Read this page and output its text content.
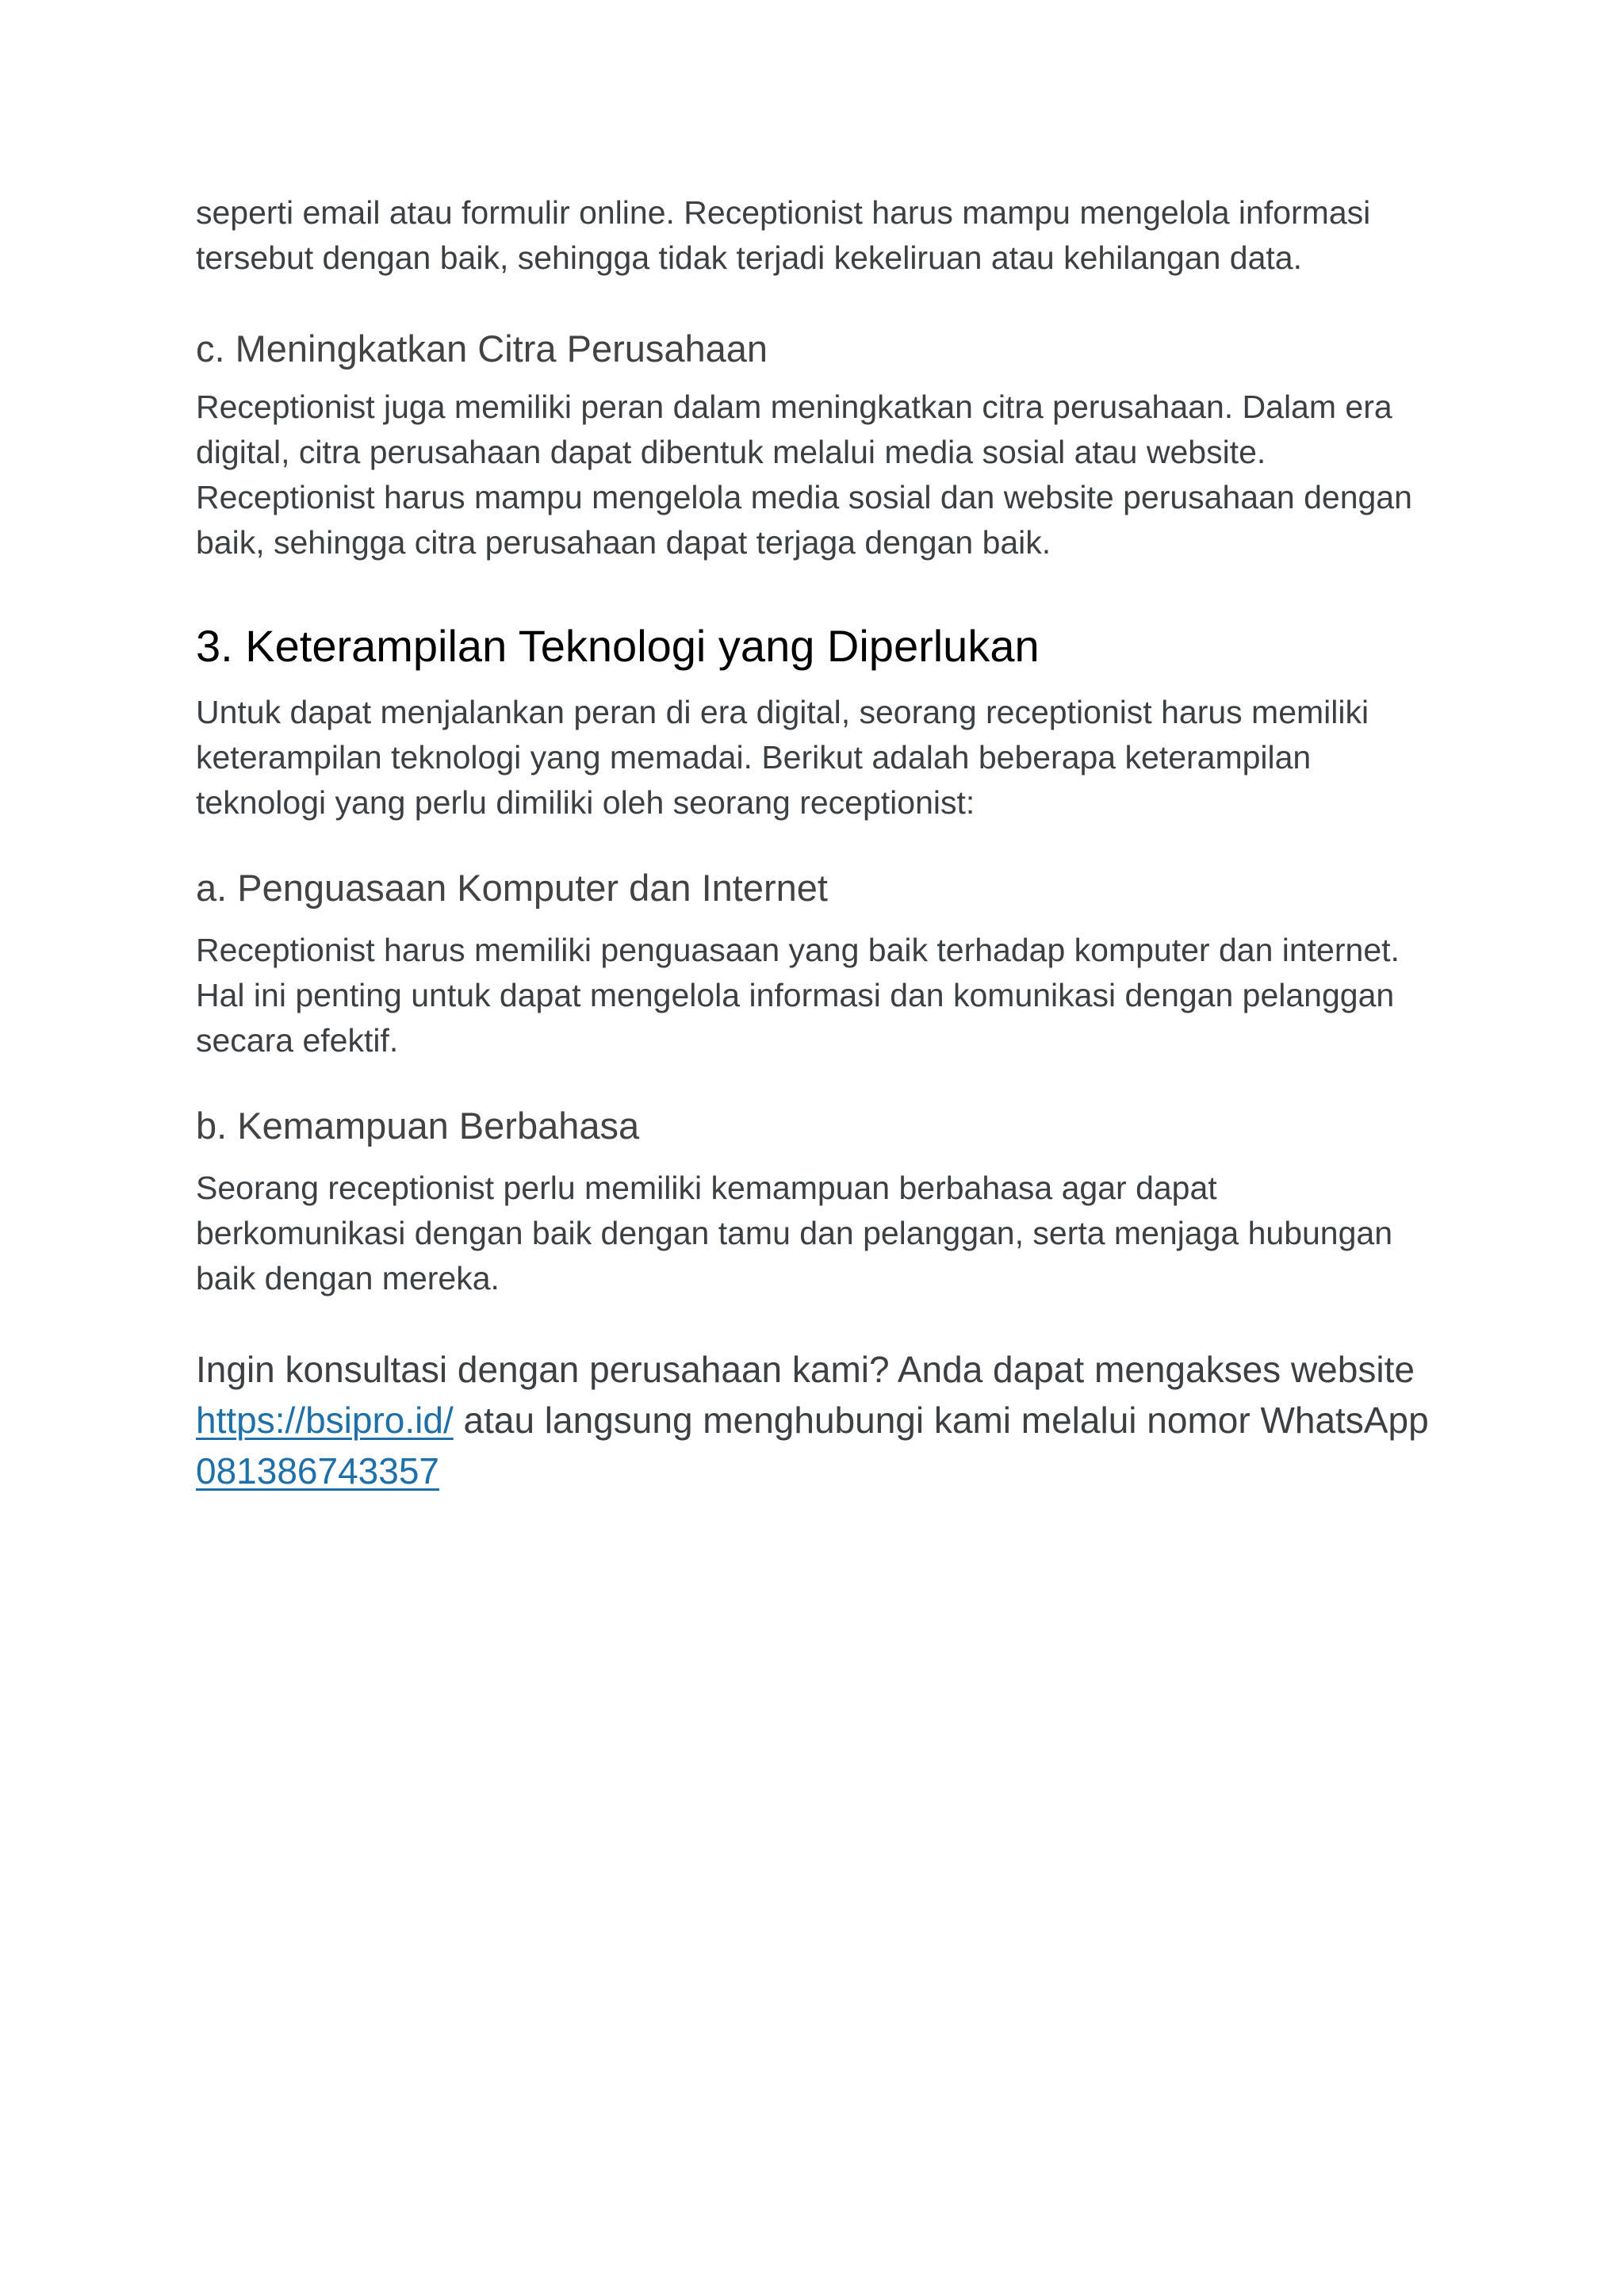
seperti email atau formulir online. Receptionist harus mampu mengelola informasi tersebut dengan baik, sehingga tidak terjadi kekeliruan atau kehilangan data.

c. Meningkatkan Citra Perusahaan

Receptionist juga memiliki peran dalam meningkatkan citra perusahaan. Dalam era digital, citra perusahaan dapat dibentuk melalui media sosial atau website. Receptionist harus mampu mengelola media sosial dan website perusahaan dengan baik, sehingga citra perusahaan dapat terjaga dengan baik.

3. Keterampilan Teknologi yang Diperlukan

Untuk dapat menjalankan peran di era digital, seorang receptionist harus memiliki keterampilan teknologi yang memadai. Berikut adalah beberapa keterampilan teknologi yang perlu dimiliki oleh seorang receptionist:

a. Penguasaan Komputer dan Internet

Receptionist harus memiliki penguasaan yang baik terhadap komputer dan internet. Hal ini penting untuk dapat mengelola informasi dan komunikasi dengan pelanggan secara efektif.

b. Kemampuan Berbahasa

Seorang receptionist perlu memiliki kemampuan berbahasa agar dapat berkomunikasi dengan baik dengan tamu dan pelanggan, serta menjaga hubungan baik dengan mereka.

Ingin konsultasi dengan perusahaan kami? Anda dapat mengakses website https://bsipro.id/ atau langsung menghubungi kami melalui nomor WhatsApp 081386743357
